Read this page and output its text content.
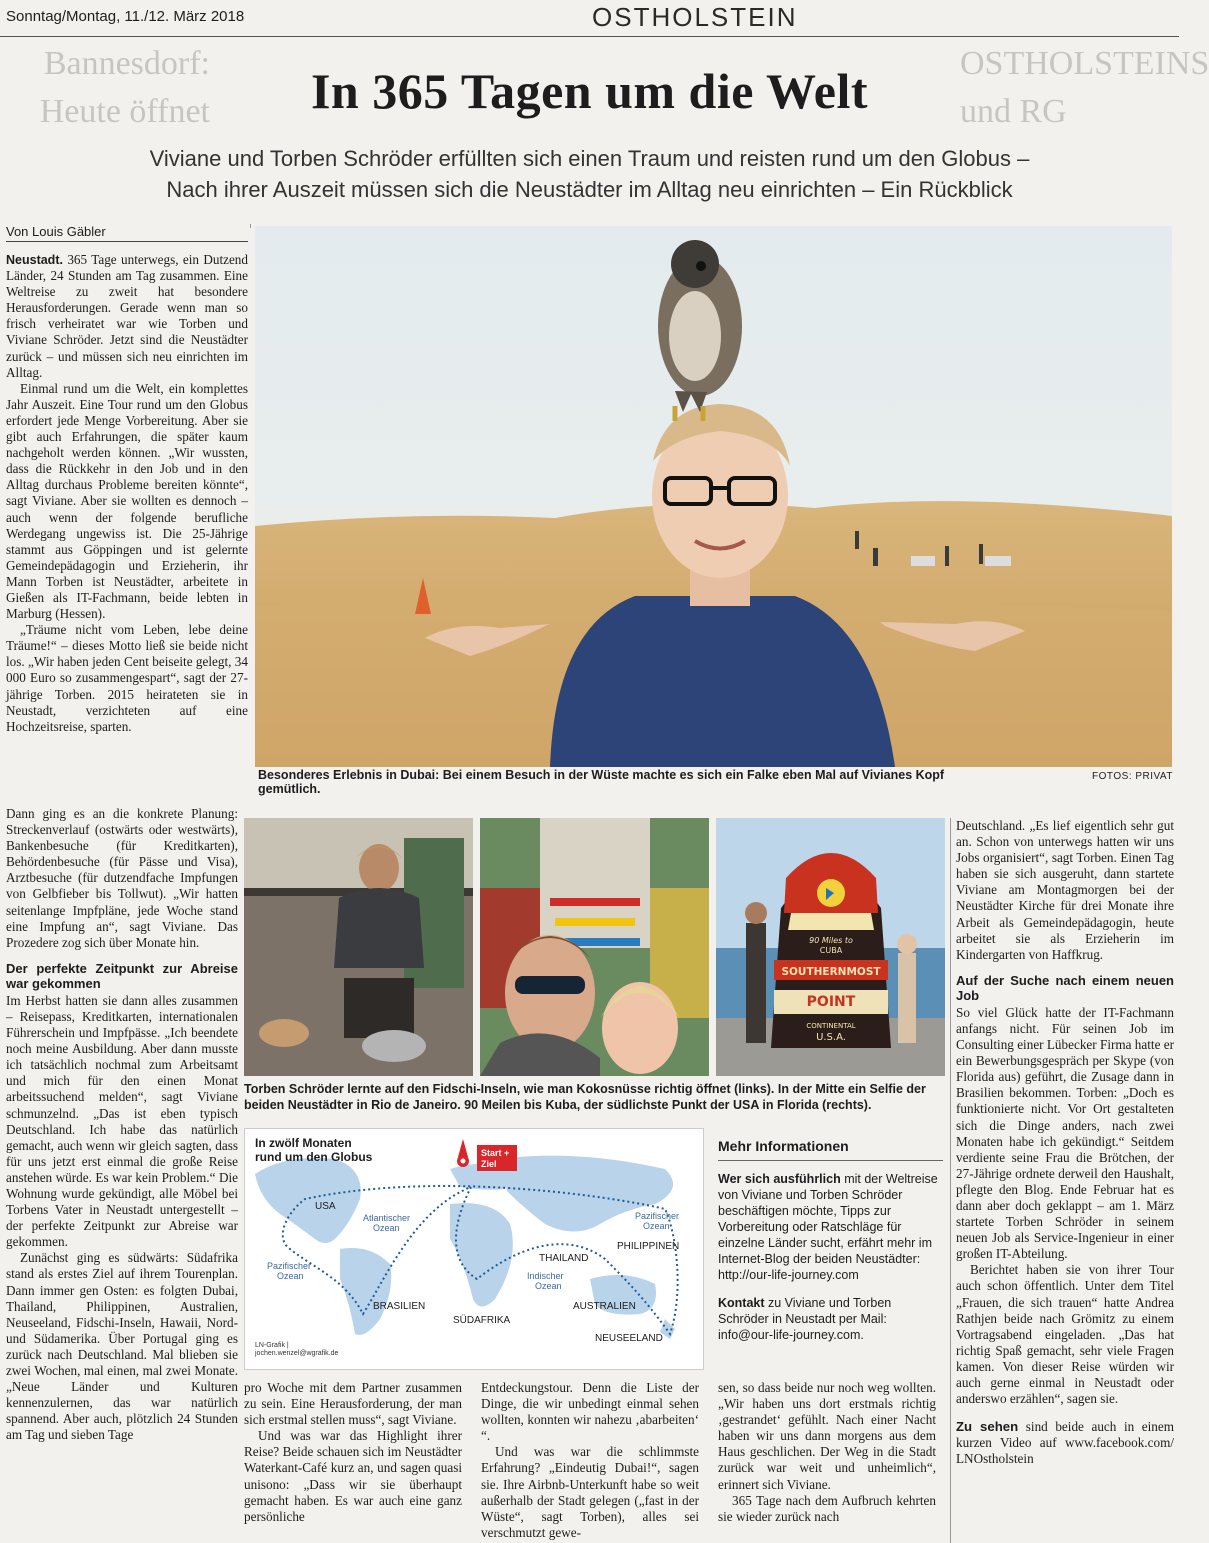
Sonntag/Montag, 11./12. März 2018	OSTHOLSTEIN
Bannesdorf: Heute öffnet
OSTHOLSTEINS und RG
In 365 Tagen um die Welt
Viviane und Torben Schröder erfüllten sich einen Traum und reisten rund um den Globus –
Nach ihrer Auszeit müssen sich die Neustädter im Alltag neu einrichten – Ein Rückblick
Von Louis Gäbler

Neustadt. 365 Tage unterwegs, ein Dutzend Länder, 24 Stunden am Tag zusammen. Eine Weltreise zu zweit hat besondere Herausforderungen. Gerade wenn man so frisch verheiratet war wie Torben und Viviane Schröder. Jetzt sind die Neustädter zurück – und müssen sich neu einrichten im Alltag.

Einmal rund um die Welt, ein komplettes Jahr Auszeit. Eine Tour rund um den Globus erfordert jede Menge Vorbereitung. Aber sie gibt auch Erfahrungen, die später kaum nachgeholt werden können. „Wir wussten, dass die Rückkehr in den Job und in den Alltag durchaus Probleme bereiten könnte“, sagt Viviane. Aber sie wollten es dennoch – auch wenn der folgende berufliche Werdegang ungewiss ist. Die 25-Jährige stammt aus Göppingen und ist gelernte Gemeindepädagogin und Erzieherin, ihr Mann Torben ist Neustädter, arbeitete in Gießen als IT-Fachmann, beide lebten in Marburg (Hessen).

„Träume nicht vom Leben, lebe deine Träume!“ – dieses Motto ließ sie beide nicht los. „Wir haben jeden Cent beiseite gelegt, 34 000 Euro so zusammengespart“, sagt der 27-jährige Torben. 2015 heirateten sie in Neustadt, verzichteten auf eine Hochzeitsreise, sparten.

Besonderes Erlebnis in Dubai: Bei einem Besuch in der Wüste machte es sich ein Falke eben Mal auf Vivianes Kopf gemütlich.
FOTOS: PRIVAT

Dann ging es an die konkrete Planung: Streckenverlauf (ostwärts oder westwärts), Bankenbesuche (für Kreditkarten), Behördenbesuche (für Pässe und Visa), Arztbesuche (für dutzendfache Impfungen von Gelbfieber bis Tollwut). „Wir hatten seitenlange Impfpläne, jede Woche stand eine Impfung an“, sagt Viviane. Das Prozedere zog sich über Monate hin.

Der perfekte Zeitpunkt zur Abreise war gekommen

Im Herbst hatten sie dann alles zusammen – Reisepass, Kreditkarten, internationalen Führerschein und Impfpässe. „Ich beendete noch meine Ausbildung. Aber dann musste ich tatsächlich nochmal zum Arbeitsamt und mich für den einen Monat arbeitssuchend melden“, sagt Viviane schmunzelnd. „Das ist eben typisch Deutschland. Ich habe das natürlich gemacht, auch wenn wir gleich sagten, dass für uns jetzt erst einmal die große Reise anstehen würde. Es war kein Problem.“ Die Wohnung wurde gekündigt, alle Möbel bei Torbens Vater in Neustadt untergestellt – der perfekte Zeitpunkt zur Abreise war gekommen.

Zunächst ging es südwärts: Südafrika stand als erstes Ziel auf ihrem Tourenplan. Dann immer gen Osten: es folgten Dubai, Thailand, Philippinen, Australien, Neuseeland, Fidschi-Inseln, Hawaii, Nord- und Südamerika. Über Portugal ging es zurück nach Deutschland. Mal blieben sie zwei Wochen, mal einen, mal zwei Monate. „Neue Länder und Kulturen kennenzulernen, das war natürlich spannend. Aber auch, plötzlich 24 Stunden am Tag und sieben Tage

90 Miles to
CUBA
SOUTHERNMOST
POINT
CONTINENTAL
U.S.A.
Torben Schröder lernte auf den Fidschi-Inseln, wie man Kokosnüsse richtig öffnet (links). In der Mitte ein Selfie der beiden Neustädter in Rio de Janeiro. 90 Meilen bis Kuba, der südlichste Punkt der USA in Florida (rechts).
Start +
Ziel
In zwölf Monaten
rund um den Globus
USA
Atlantischer
Ozean
Pazifischer
Ozean
Pazifischer
Ozean
THAILAND
PHILIPPINEN
Indischer
Ozean
BRASILIEN
SÜDAFRIKA
AUSTRALIEN
NEUSEELAND
LN-Grafik |
jochen.wenzel@wgrafik.de
Mehr Informationen

Wer sich ausführlich mit der Weltreise von Viviane und Torben Schröder beschäftigen möchte, Tipps zur Vorbereitung oder Ratschläge für einzelne Länder sucht, erfährt mehr im Internet-Blog der beiden Neustädter: http://our-life-journey.com

Kontakt zu Viviane und Torben Schröder in Neustadt per Mail: info@our-life-journey.com.

pro Woche mit dem Partner zusammen zu sein. Eine Herausforderung, der man sich erstmal stellen muss“, sagt Viviane.

Und was war das Highlight ihrer Reise? Beide schauen sich im Neustädter Waterkant-Café kurz an, und sagen quasi unisono: „Dass wir sie überhaupt gemacht haben. Es war auch eine ganz persönliche

Entdeckungstour. Denn die Liste der Dinge, die wir unbedingt einmal sehen wollten, konnten wir nahezu ‚abarbeiten‘ “.

Und was war die schlimmste Erfahrung? „Eindeutig Dubai!“, sagen sie. Ihre Airbnb-Unterkunft habe so weit außerhalb der Stadt gelegen („fast in der Wüste“, sagt Torben), alles sei verschmutzt gewe-

sen, so dass beide nur noch weg wollten. „Wir haben uns dort erstmals richtig ‚gestrandet‘ gefühlt. Nach einer Nacht haben wir uns dann morgens aus dem Haus geschlichen. Der Weg in die Stadt zurück war weit und unheimlich“, erinnert sich Viviane.

365 Tage nach dem Aufbruch kehrten sie wieder zurück nach

Deutschland. „Es lief eigentlich sehr gut an. Schon von unterwegs hatten wir uns Jobs organisiert“, sagt Torben. Einen Tag haben sie sich ausgeruht, dann startete Viviane am Montagmorgen bei der Neustädter Kirche für drei Monate ihre Arbeit als Gemeindepädagogin, heute arbeitet sie als Erzieherin im Kindergarten von Haffkrug.

Auf der Suche nach einem neuen Job

So viel Glück hatte der IT-Fachmann anfangs nicht. Für seinen Job im Consulting einer Lübecker Firma hatte er ein Bewerbungsgespräch per Skype (von Florida aus) geführt, die Zusage dann in Brasilien bekommen. Torben: „Doch es funktionierte nicht. Vor Ort gestalteten sich die Dinge anders, nach zwei Monaten habe ich gekündigt.“ Seitdem verdiente seine Frau die Brötchen, der 27-Jährige ordnete derweil den Haushalt, pflegte den Blog. Ende Februar hat es dann aber doch geklappt – am 1. März startete Torben Schröder in seinem neuen Job als Service-Ingenieur in einer großen IT-Abteilung.

Berichtet haben sie von ihrer Tour auch schon öffentlich. Unter dem Titel „Frauen, die sich trauen“ hatte Andrea Rathjen beide nach Grömitz zu einem Vortragsabend eingeladen. „Das hat richtig Spaß gemacht, sehr viele Fragen kamen. Von dieser Reise würden wir auch gerne einmal in Neustadt oder anderswo erzählen“, sagen sie.

Zu sehen sind beide auch in einem kurzen Video auf www.facebook.com/ LNOstholstein
